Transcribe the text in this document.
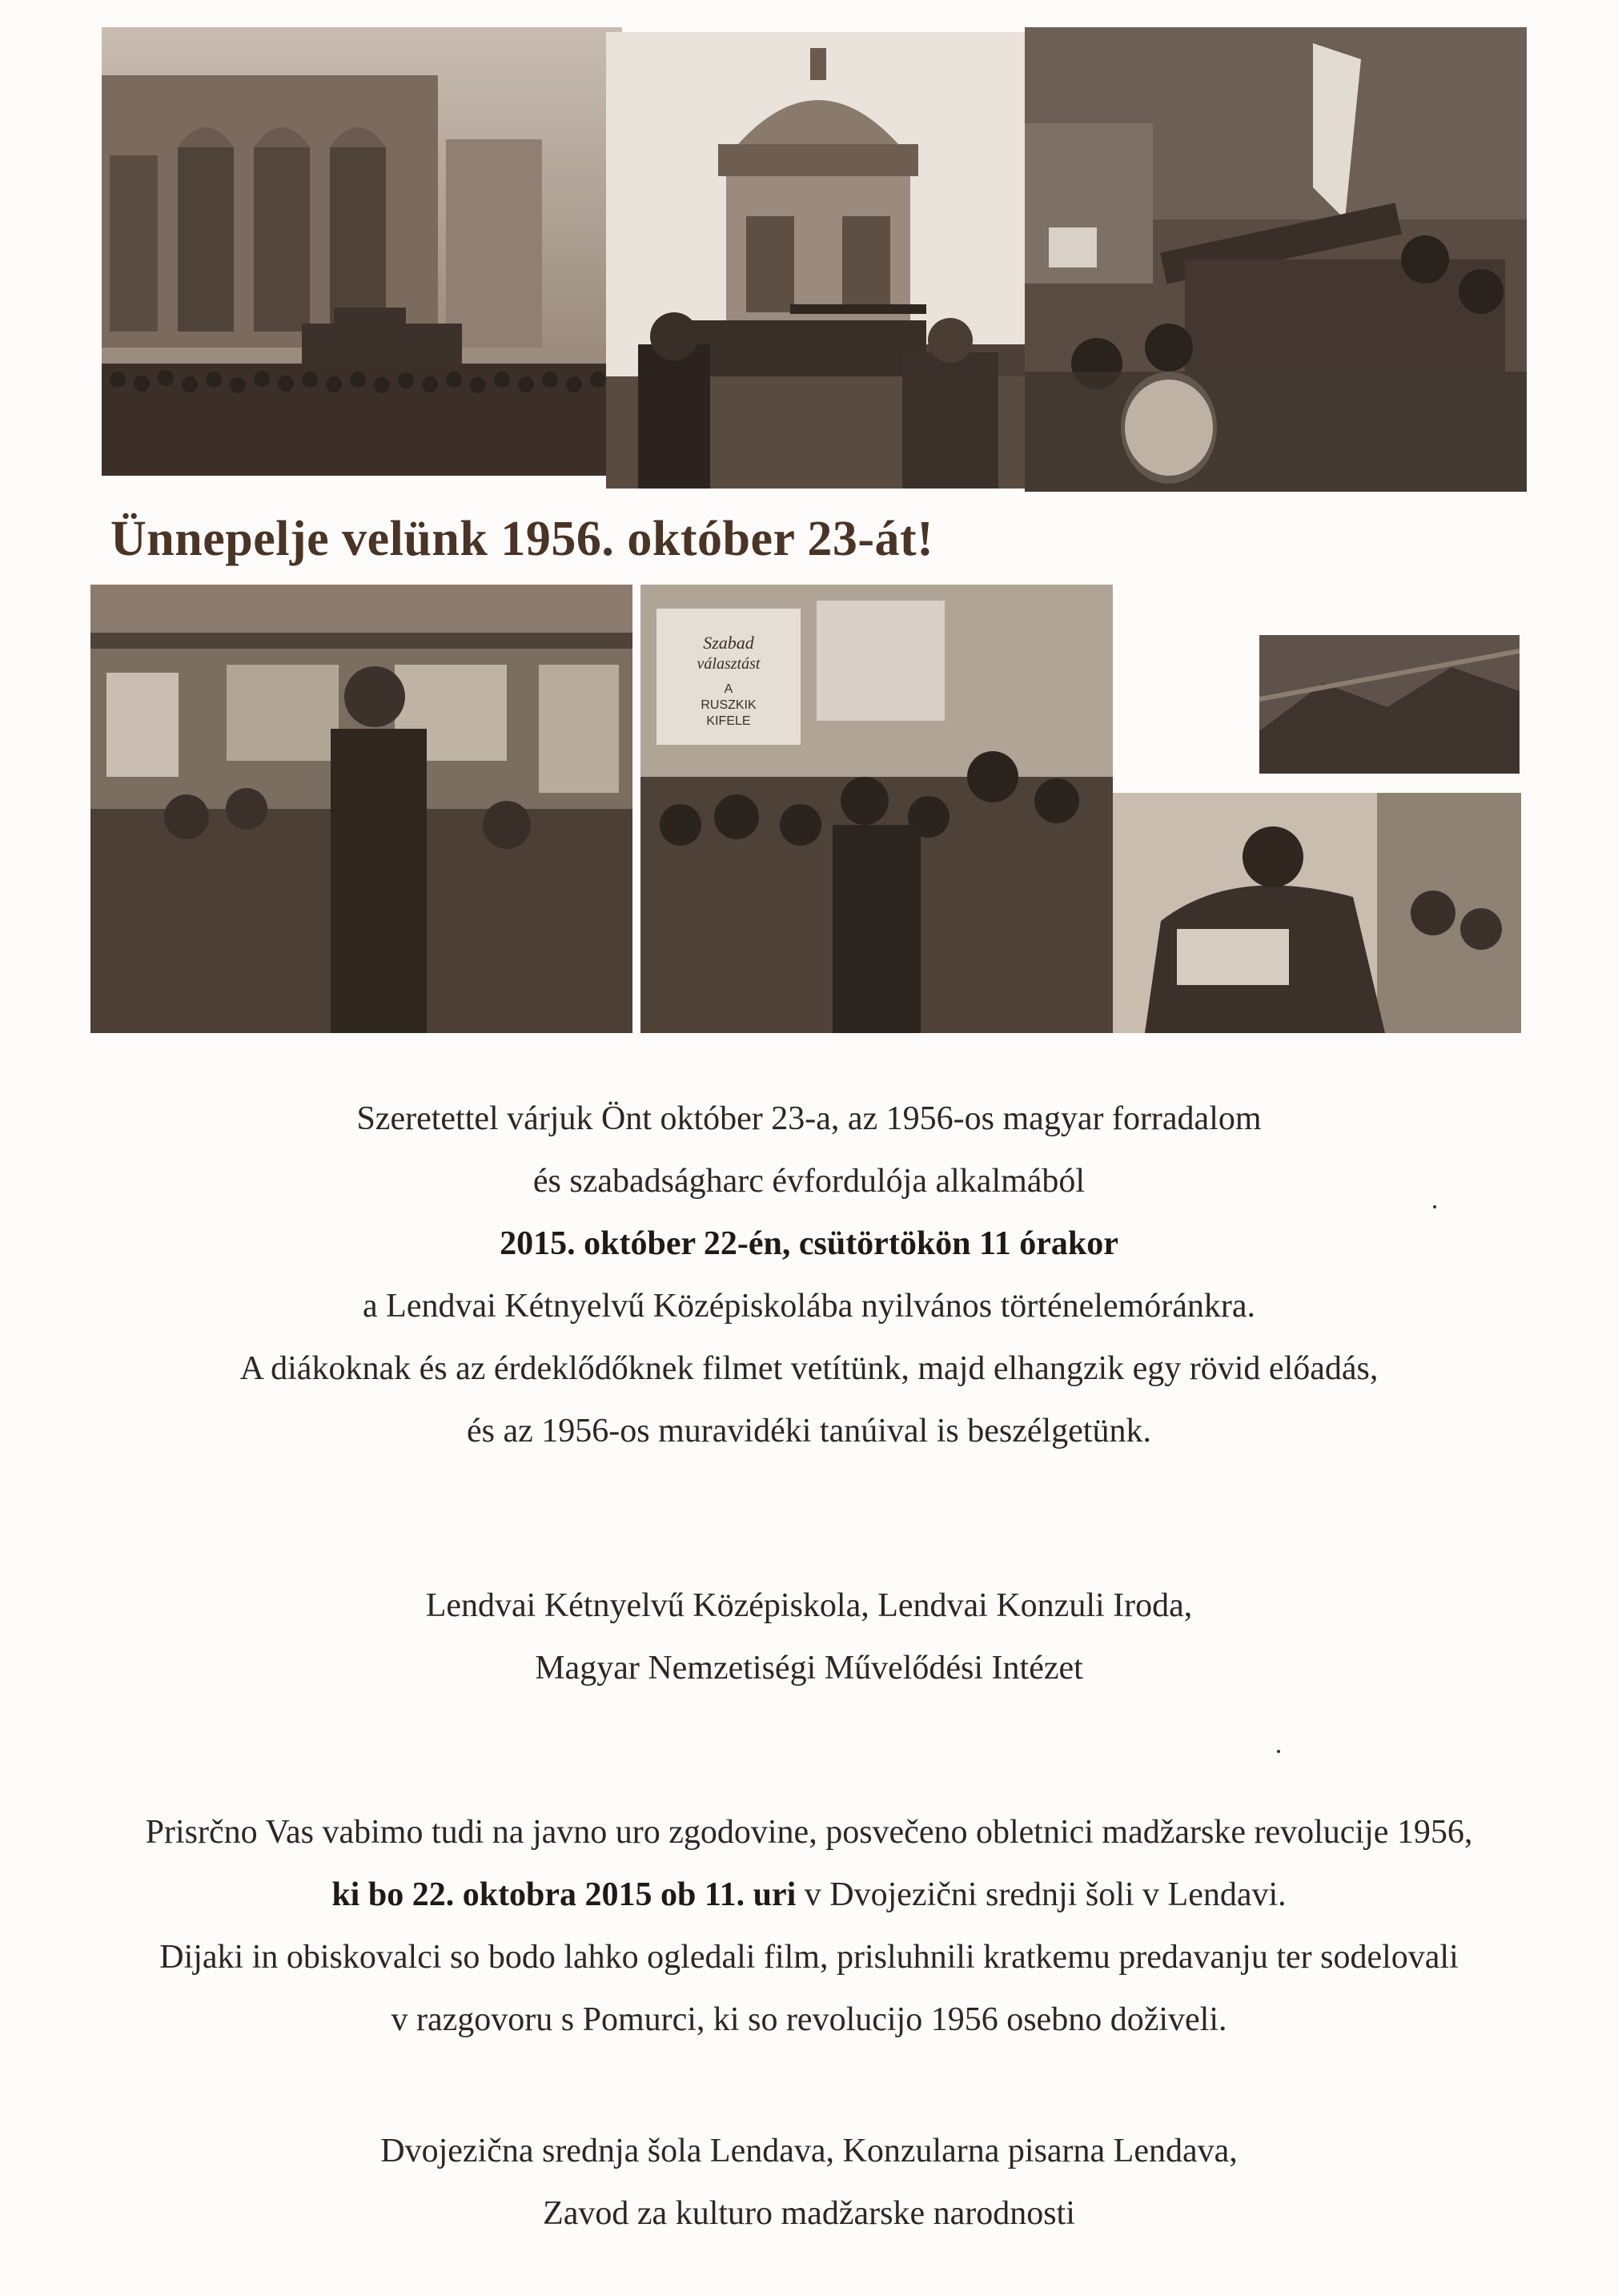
Ünnepelje velünk 1956. október 23-át!
Szabad
választást
A
RUSZKIK
KIFELE
Szeretettel várjuk Önt október 23-a, az 1956-os magyar forradalom
és szabadságharc évfordulója alkalmából
2015. október 22-én, csütörtökön 11 órakor
a Lendvai Kétnyelvű Középiskolába nyilvános történelemóránkra.
A diákoknak és az érdeklődőknek filmet vetítünk, majd elhangzik egy rövid előadás,
és az 1956-os muravidéki tanúival is beszélgetünk.
Lendvai Kétnyelvű Középiskola, Lendvai Konzuli Iroda,
Magyar Nemzetiségi Művelődési Intézet
Prisrčno Vas vabimo tudi na javno uro zgodovine, posvečeno obletnici madžarske revolucije 1956,
ki bo 22. oktobra 2015 ob 11. uri v Dvojezični srednji šoli v Lendavi.
Dijaki in obiskovalci so bodo lahko ogledali film, prisluhnili kratkemu predavanju ter sodelovali
v razgovoru s Pomurci, ki so revolucijo 1956 osebno doživeli.
Dvojezična srednja šola Lendava, Konzularna pisarna Lendava,
Zavod za kulturo madžarske narodnosti
